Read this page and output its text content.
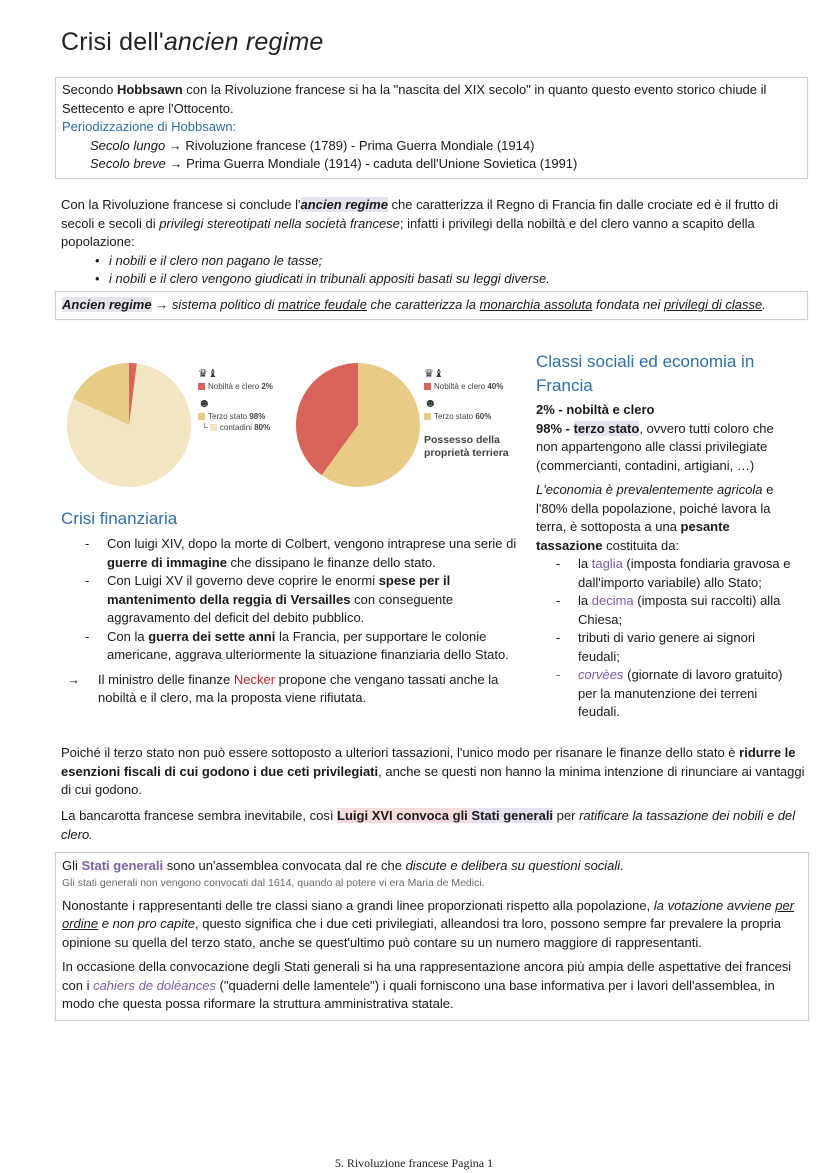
Crisi dell'ancien regime

Secondo Hobbsawn con la Rivoluzione francese si ha la "nascita del XIX secolo" in quanto questo evento storico chiude il Settecento e apre l'Ottocento.

Periodizzazione di Hobbsawn:

Secolo lungo → Rivoluzione francese (1789) - Prima Guerra Mondiale (1914)

Secolo breve → Prima Guerra Mondiale (1914) - caduta dell'Unione Sovietica (1991)

Con la Rivoluzione francese si conclude l'ancien regime che caratterizza il Regno di Francia fin dalle crociate ed è il frutto di secoli e secoli di privilegi stereotipati nella società francese; infatti i privilegi della nobiltà e del clero vanno a scapito della popolazione:

• i nobili e il clero non pagano le tasse;
• i nobili e il clero vengono giudicati in tribunali appositi basati su leggi diverse.

Ancien regime → sistema politico di matrice feudale che caratterizza la monarchia assoluta fondata nei privilegi di classe.

♛♝
Nobiltà e clero 2%
☻
Terzo stato 98%
└ contadini 80%
♛♝
Nobiltà e clero 40%
☻
Terzo stato 60%
Possesso della proprietà terriera
Classi sociali ed economia in Francia

2% - nobiltà e clero

98% - terzo stato, ovvero tutti coloro che non appartengono alle classi privilegiate (commercianti, contadini, artigiani, …)

L'economia è prevalentemente agricola e l'80% della popolazione, poiché lavora la terra, è sottoposta a una pesante tassazione costituita da:

- la taglia (imposta fondiaria gravosa e dall'importo variabile) allo Stato;
- la decima (imposta sui raccolti) alla Chiesa;
- tributi di vario genere ai signori feudali;
- corvèes (giornate di lavoro gratuito) per la manutenzione dei terreni feudali.
Crisi finanziaria
- Con luigi XIV, dopo la morte di Colbert, vengono intraprese una serie di guerre di immagine che dissipano le finanze dello stato.
- Con Luigi XV il governo deve coprire le enormi spese per il mantenimento della reggia di Versailles con conseguente aggravamento del deficit del debito pubblico.
- Con la guerra dei sette anni la Francia, per supportare le colonie americane, aggrava ulteriormente la situazione finanziaria dello Stato.
→ Il ministro delle finanze Necker propone che vengano tassati anche la nobiltà e il clero, ma la proposta viene rifiutata.

Poiché il terzo stato non può essere sottoposto a ulteriori tassazioni, l'unico modo per risanare le finanze dello stato è ridurre le esenzioni fiscali di cui godono i due ceti privilegiati, anche se questi non hanno la minima intenzione di rinunciare ai vantaggi di cui godono.

La bancarotta francese sembra inevitabile, così Luigi XVI convoca gli Stati generali per ratificare la tassazione dei nobili e del clero.

Gli Stati generali sono un'assemblea convocata dal re che discute e delibera su questioni sociali.

Gli stati generali non vengono convocati dal 1614, quando al potere vi era Maria de Medici.

Nonostante i rappresentanti delle tre classi siano a grandi linee proporzionati rispetto alla popolazione, la votazione avviene per ordine e non pro capite, questo significa che i due ceti privilegiati, alleandosi tra loro, possono sempre far prevalere la propria opinione su quella del terzo stato, anche se quest'ultimo può contare su un numero maggiore di rappresentanti.

In occasione della convocazione degli Stati generali si ha una rappresentazione ancora più ampia delle aspettative dei francesi con i cahiers de doléances ("quaderni delle lamentele") i quali forniscono una base informativa per i lavori dell'assemblea, in modo che questa possa riformare la struttura amministrativa statale.

5. Rivoluzione francese Pagina 1
